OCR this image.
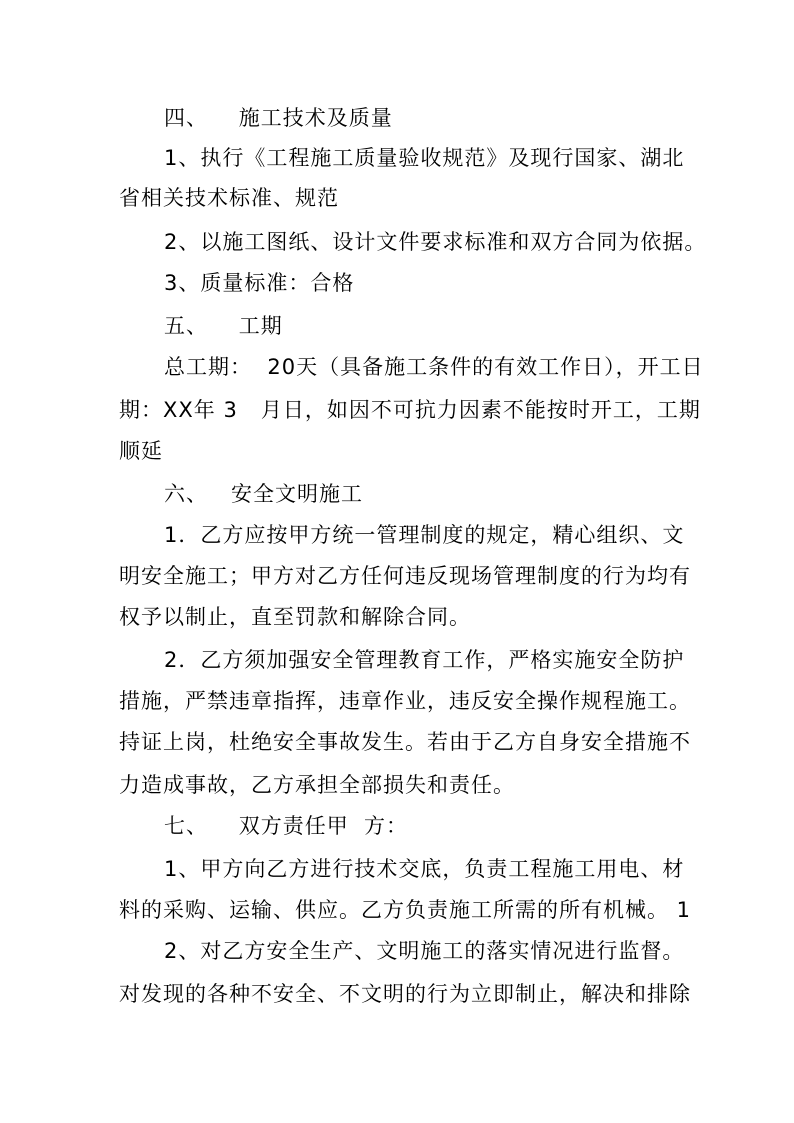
四、    施工技术及质量
1、执行《工程施工质量验收规范》及现行国家、湖北
省相关技术标准、规范
2、以施工图纸、设计文件要求标准和双方合同为依据。
3、质量标准：合格
五、    工期
总工期：  20天（具备施工条件的有效工作日），开工日
期：XX年 3   月日，如因不可抗力因素不能按时开工，工期
顺延
六、   安全文明施工
1．乙方应按甲方统一管理制度的规定，精心组织、文
明安全施工；甲方对乙方任何违反现场管理制度的行为均有
权予以制止，直至罚款和解除合同。
2．乙方须加强安全管理教育工作，严格实施安全防护
措施，严禁违章指挥，违章作业，违反安全操作规程施工。
持证上岗，杜绝安全事故发生。若由于乙方自身安全措施不
力造成事故，乙方承担全部损失和责任。
七、    双方责任甲  方：
1、甲方向乙方进行技术交底，负责工程施工用电、材
料的采购、运输、供应。乙方负责施工所需的所有机械。 1
2、对乙方安全生产、文明施工的落实情况进行监督。
对发现的各种不安全、不文明的行为立即制止，解决和排除
